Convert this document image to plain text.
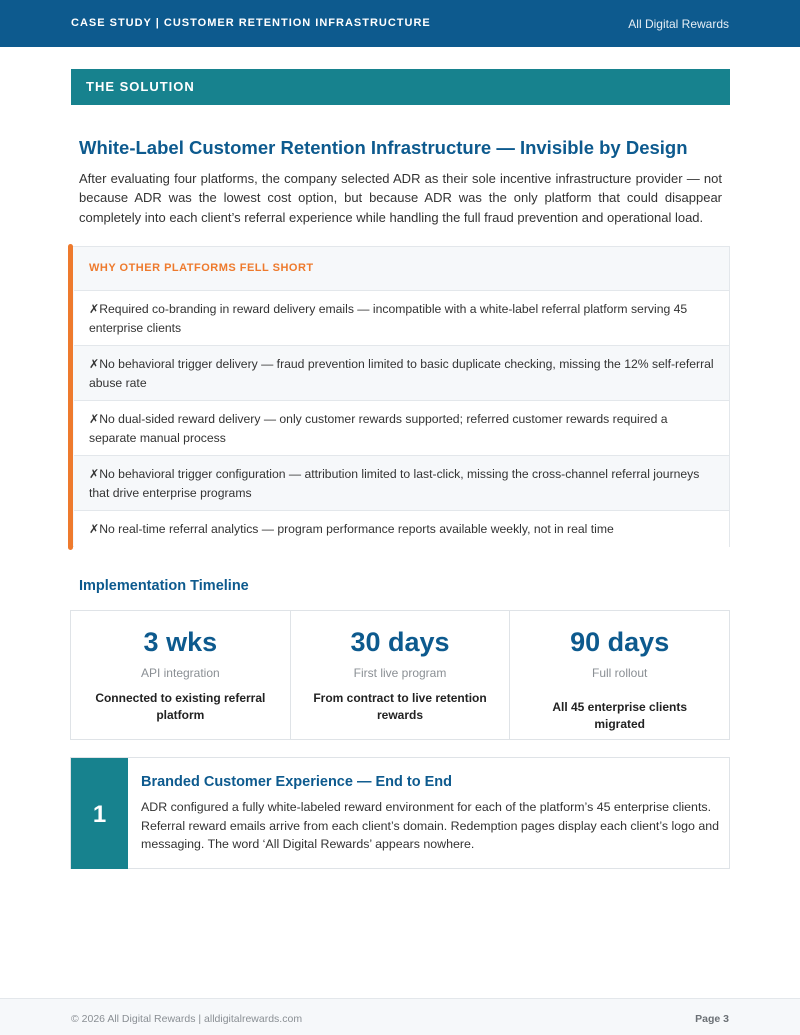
CASE STUDY | CUSTOMER RETENTION INFRASTRUCTURE	All Digital Rewards
THE SOLUTION
White-Label Customer Retention Infrastructure — Invisible by Design

After evaluating four platforms, the company selected ADR as their sole incentive infrastructure provider — not because ADR was the lowest cost option, but because ADR was the only platform that could disappear completely into each client’s referral experience while handling the full fraud prevention and operational load.

WHY OTHER PLATFORMS FELL SHORT
✗Required co-branding in reward delivery emails — incompatible with a white-label referral platform serving 45 enterprise clients
✗No behavioral trigger delivery — fraud prevention limited to basic duplicate checking, missing the 12% self-referral abuse rate
✗No dual-sided reward delivery — only customer rewards supported; referred customer rewards required a separate manual process
✗No behavioral trigger configuration — attribution limited to last-click, missing the cross-channel referral journeys that drive enterprise programs
✗No real-time referral analytics — program performance reports available weekly, not in real time
Implementation Timeline
3 wks
API integration
Connected to existing referral platform
30 days
First live program
From contract to live retention rewards
90 days
Full rollout
All 45 enterprise clients migrated
1
Branded Customer Experience — End to End
ADR configured a fully white-labeled reward environment for each of the platform’s 45 enterprise clients. Referral reward emails arrive from each client’s domain. Redemption pages display each client’s logo and messaging. The word ‘All Digital Rewards’ appears nowhere.
© 2026 All Digital Rewards | alldigitalrewards.com	Page 3
